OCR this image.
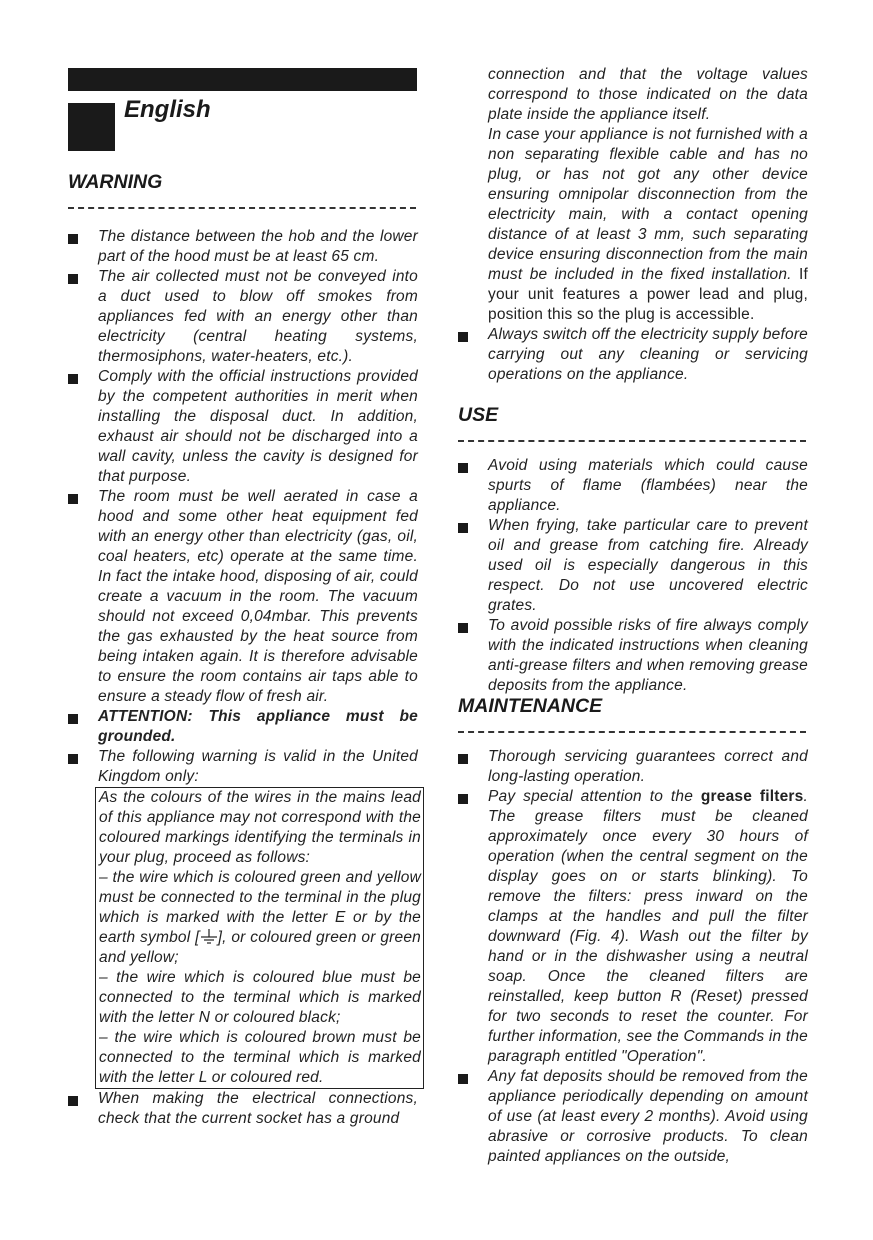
English
WARNING
The distance between the hob and the lower part of the hood must be at least 65 cm.
The air collected must not be conveyed into a duct used to blow off smokes from appliances fed with an energy other than electricity (central heating systems, thermosiphons, water-heaters, etc.).
Comply with the official instructions provided by the competent authorities in merit when installing the disposal duct. In addition, exhaust air should not be discharged into a wall cavity, unless the cavity is designed for that purpose.
The room must be well aerated in case a hood and some other heat equipment fed with an energy other than electricity (gas, oil, coal heaters, etc) operate at the same time. In fact the intake hood, disposing of air, could create a vacuum in the room. The vacuum should not exceed 0,04mbar. This prevents the gas exhausted by the heat source from being intaken again. It is therefore advisable to ensure the room contains air taps able to ensure a steady flow of fresh air.
ATTENTION: This appliance must be grounded.
The following warning is valid in the United Kingdom only:

As the colours of the wires in the mains lead of this appliance may not correspond with the coloured markings identifying the terminals in your plug, proceed as follows:

– the wire which is coloured green and yellow must be connected to the terminal in the plug which is marked with the letter E or by the earth symbol [ ], or coloured green or green and yellow;

– the wire which is coloured blue must be connected to the terminal which is marked with the letter N or coloured black;

– the wire which is coloured brown must be connected to the terminal which is marked with the letter L or coloured red.

When making the electrical connections, check that the current socket has a ground
connection and that the voltage values correspond to those indicated on the data plate inside the appliance itself.
In case your appliance is not furnished with a non separating flexible cable and has no plug, or has not got any other device ensuring omnipolar disconnection from the electricity main, with a contact opening distance of at least 3 mm, such separating device ensuring disconnection from the main must be included in the fixed installation. If your unit features a power lead and plug, position this so the plug is accessible.
Always switch off the electricity supply before carrying out any cleaning or servicing operations on the appliance.
USE
Avoid using materials which could cause spurts of flame (flambées) near the appliance.
When frying, take particular care to prevent oil and grease from catching fire. Already used oil is especially dangerous in this respect. Do not use uncovered electric grates.
To avoid possible risks of fire always comply with the indicated instructions when cleaning anti-grease filters and when removing grease deposits from the appliance.
MAINTENANCE
Thorough servicing guarantees correct and long-lasting operation.
Pay special attention to the grease filters. The grease filters must be cleaned approximately once every 30 hours of operation (when the central segment on the display goes on or starts blinking). To remove the filters: press inward on the clamps at the handles and pull the filter downward (Fig. 4). Wash out the filter by hand or in the dishwasher using a neutral soap. Once the cleaned filters are reinstalled, keep button R (Reset) pressed for two seconds to reset the counter. For further information, see the Commands in the paragraph entitled "Operation".
Any fat deposits should be removed from the appliance periodically depending on amount of use (at least every 2 months). Avoid using abrasive or corrosive products. To clean painted appliances on the outside,
